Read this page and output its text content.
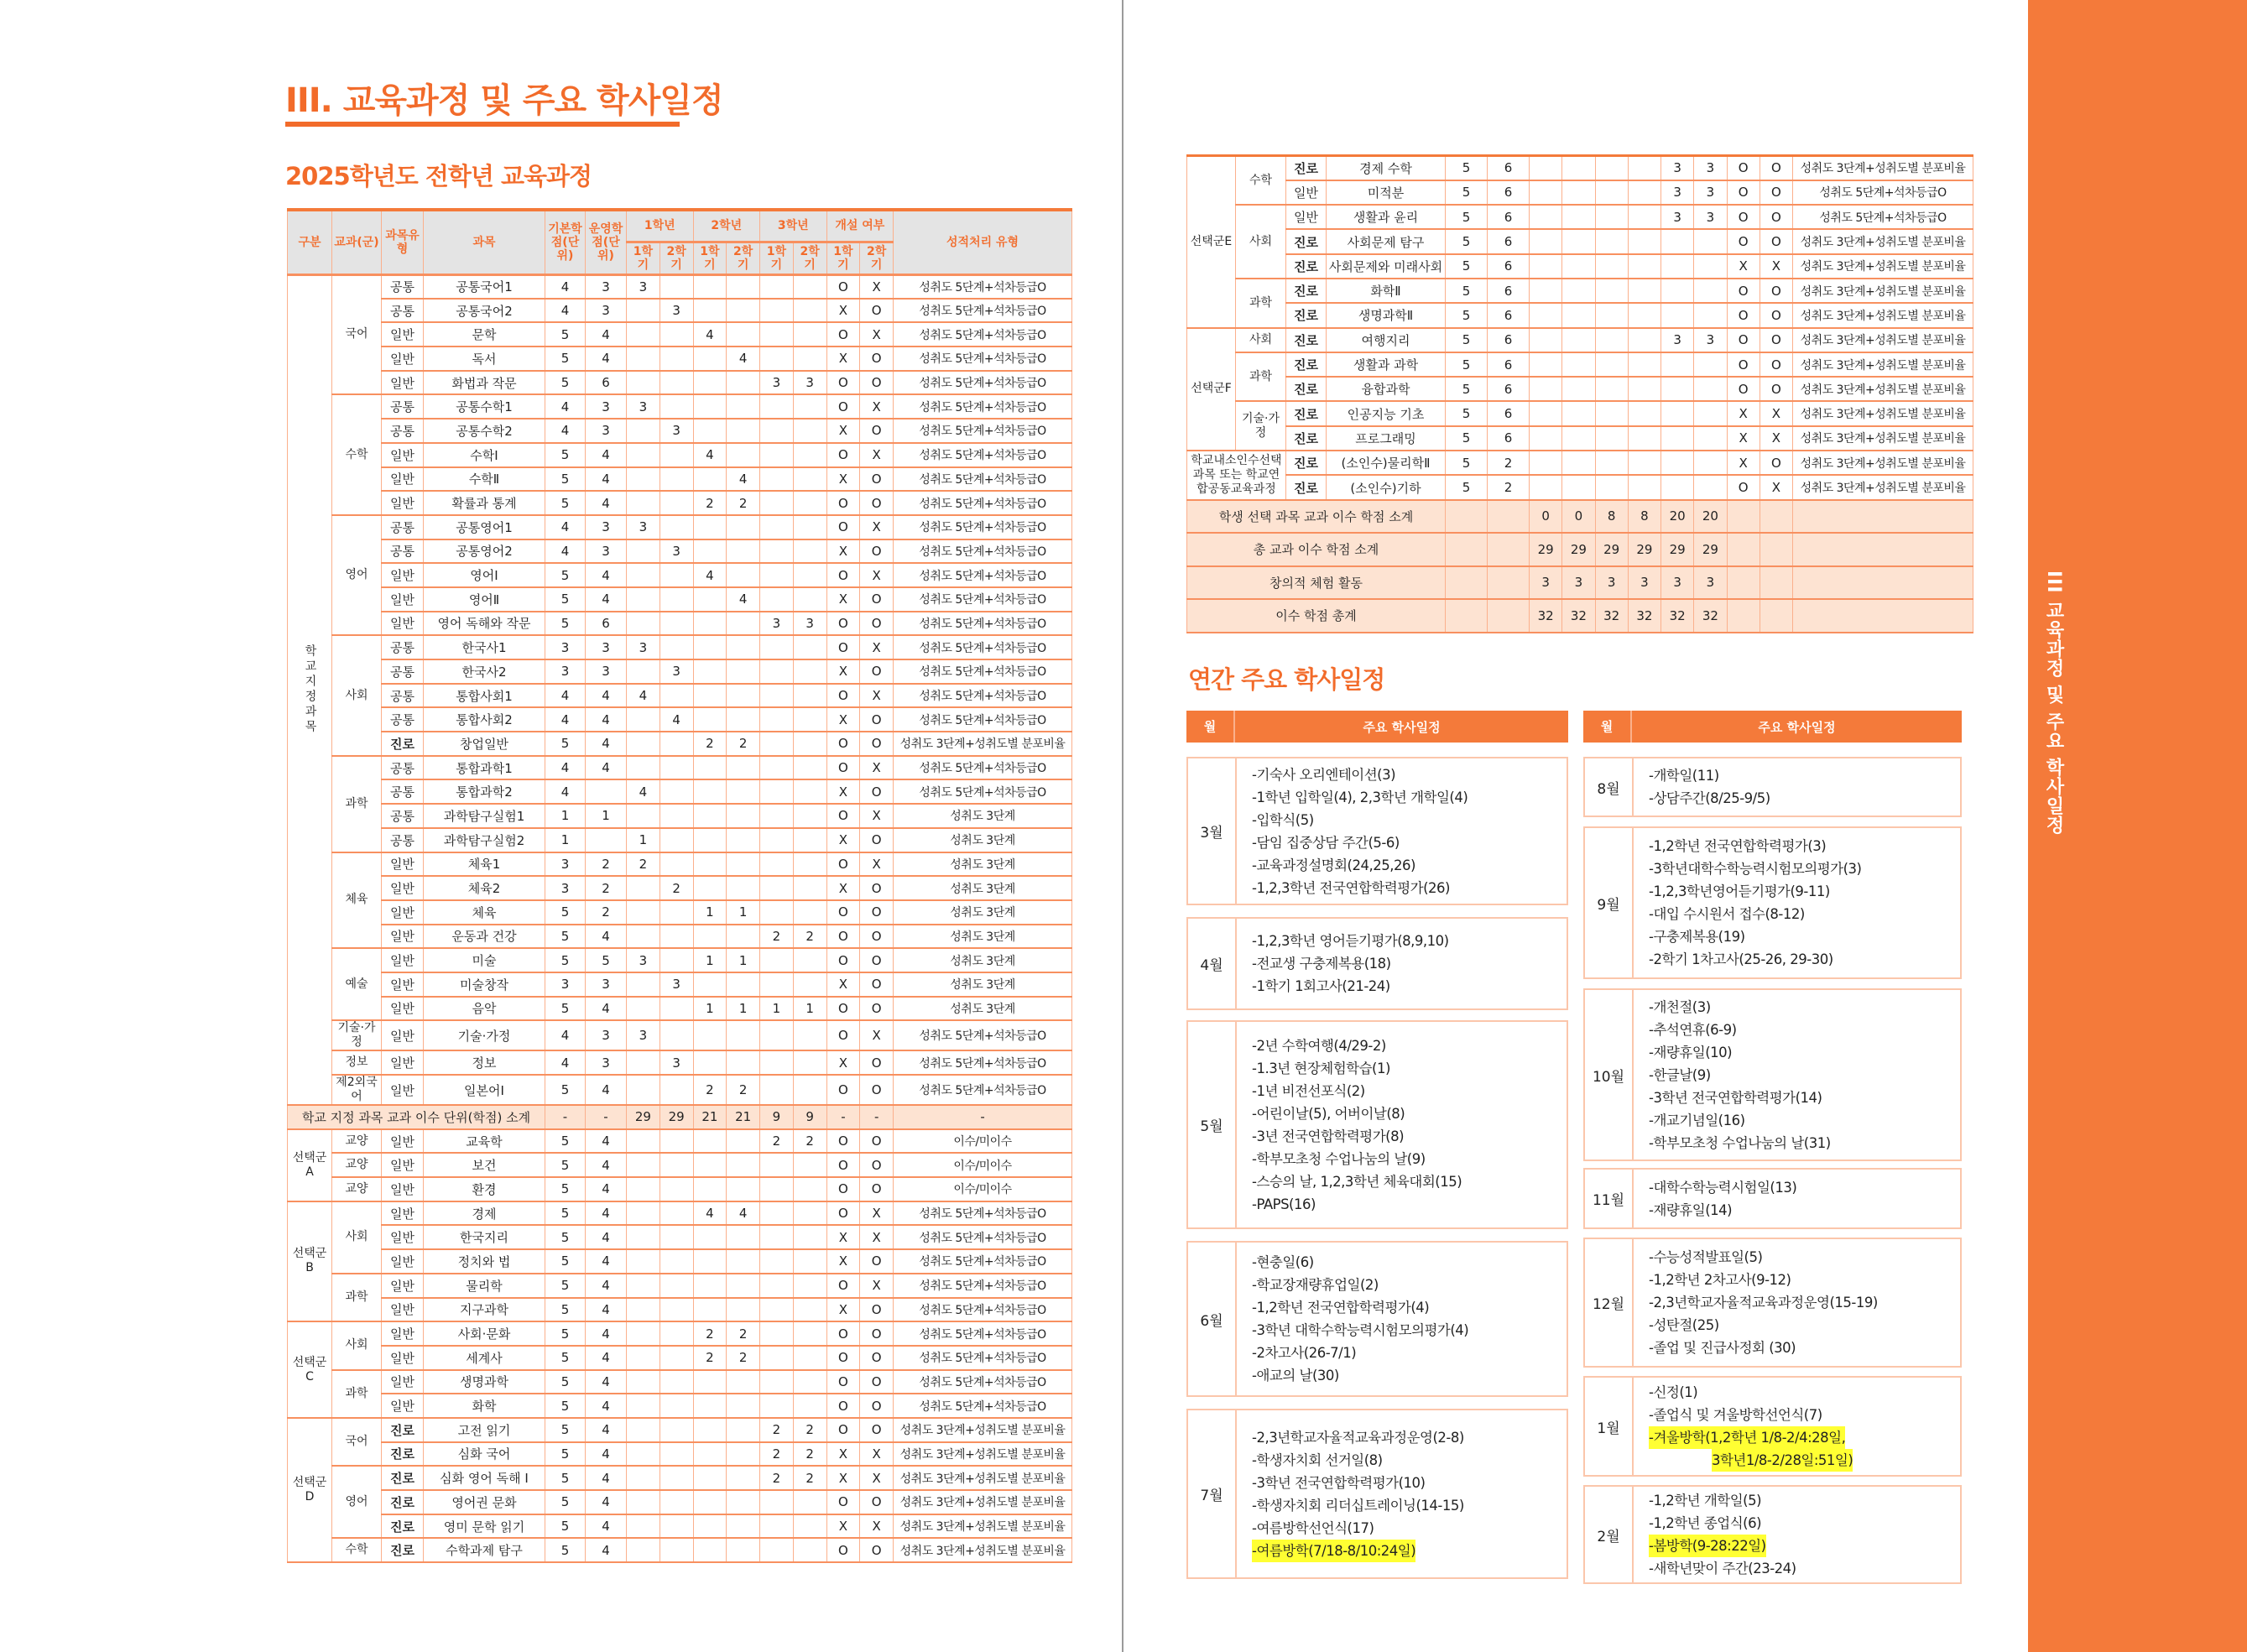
III. 교육과정 및 주요 학사일정
2025학년도 전학년 교육과정
III 교육과정 및 주요 학사일정
구분	교과(군)	과목유형	과목	기본학점(단위)	운영학점(단위)	1학년		2학년		3학년		개설 여부		성적처리 유형
						1학기	2학기	1학기	2학기	1학기	2학기	1학기	2학기	
학교지정과목	국어	공통	공통국어1	4	3	3						O	X	성취도 5단계+석차등급O
		공통	공통국어2	4	3		3					X	O	성취도 5단계+석차등급O
		일반	문학	5	4			4				O	X	성취도 5단계+석차등급O
		일반	독서	5	4				4			X	O	성취도 5단계+석차등급O
		일반	화법과 작문	5	6					3	3	O	O	성취도 5단계+석차등급O
	수학	공통	공통수학1	4	3	3						O	X	성취도 5단계+석차등급O
		공통	공통수학2	4	3		3					X	O	성취도 5단계+석차등급O
		일반	수학Ⅰ	5	4			4				O	X	성취도 5단계+석차등급O
		일반	수학Ⅱ	5	4				4			X	O	성취도 5단계+석차등급O
		일반	확률과 통계	5	4			2	2			O	O	성취도 5단계+석차등급O
	영어	공통	공통영어1	4	3	3						O	X	성취도 5단계+석차등급O
		공통	공통영어2	4	3		3					X	O	성취도 5단계+석차등급O
		일반	영어Ⅰ	5	4			4				O	X	성취도 5단계+석차등급O
		일반	영어Ⅱ	5	4				4			X	O	성취도 5단계+석차등급O
		일반	영어 독해와 작문	5	6					3	3	O	O	성취도 5단계+석차등급O
	사회	공통	한국사1	3	3	3						O	X	성취도 5단계+석차등급O
		공통	한국사2	3	3		3					X	O	성취도 5단계+석차등급O
		공통	통합사회1	4	4	4						O	X	성취도 5단계+석차등급O
		공통	통합사회2	4	4		4					X	O	성취도 5단계+석차등급O
		진로	창업일반	5	4			2	2			O	O	성취도 3단계+성취도별 분포비율
	과학	공통	통합과학1	4	4							O	X	성취도 5단계+석차등급O
		공통	통합과학2	4		4						X	O	성취도 5단계+석차등급O
		공통	과학탐구실험1	1	1							O	X	성취도 3단계
		공통	과학탐구실험2	1		1						X	O	성취도 3단계
	체육	일반	체육1	3	2	2						O	X	성취도 3단계
		일반	체육2	3	2		2					X	O	성취도 3단계
		일반	체육	5	2			1	1			O	O	성취도 3단계
		일반	운동과 건강	5	4					2	2	O	O	성취도 3단계
	예술	일반	미술	5	5	3		1	1			O	O	성취도 3단계
		일반	미술창작	3	3		3					X	O	성취도 3단계
		일반	음악	5	4			1	1	1	1	O	O	성취도 3단계
	기술·가정	일반	기술·가정	4	3	3						O	X	성취도 5단계+석차등급O
	정보	일반	정보	4	3		3					X	O	성취도 5단계+석차등급O
	제2외국어	일반	일본어Ⅰ	5	4			2	2			O	O	성취도 5단계+석차등급O
학교 지정 과목 교과 이수 단위(학점) 소계				-	-	29	29	21	21	9	9	-	-	-
선택군A	교양	일반	교육학	5	4					2	2	O	O	이수/미이수
	교양	일반	보건	5	4							O	O	이수/미이수
	교양	일반	환경	5	4							O	O	이수/미이수
선택군B	사회	일반	경제	5	4			4	4			O	X	성취도 5단계+석차등급O
		일반	한국지리	5	4							X	X	성취도 5단계+석차등급O
		일반	정치와 법	5	4							X	O	성취도 5단계+석차등급O
	과학	일반	물리학	5	4							O	X	성취도 5단계+석차등급O
		일반	지구과학	5	4							X	O	성취도 5단계+석차등급O
선택군C	사회	일반	사회·문화	5	4			2	2			O	O	성취도 5단계+석차등급O
		일반	세계사	5	4			2	2			O	O	성취도 5단계+석차등급O
	과학	일반	생명과학	5	4							O	O	성취도 5단계+석차등급O
		일반	화학	5	4							O	O	성취도 5단계+석차등급O
선택군D	국어	진로	고전 읽기	5	4					2	2	O	O	성취도 3단계+성취도별 분포비율
		진로	심화 국어	5	4					2	2	X	X	성취도 3단계+성취도별 분포비율
	영어	진로	심화 영어 독해 Ⅰ	5	4					2	2	X	X	성취도 3단계+성취도별 분포비율
		진로	영어권 문화	5	4							O	O	성취도 3단계+성취도별 분포비율
		진로	영미 문학 읽기	5	4							X	X	성취도 3단계+성취도별 분포비율
	수학	진로	수학과제 탐구	5	4							O	O	성취도 3단계+성취도별 분포비율
선택군E	수학	진로	경제 수학	5	6					3	3	O	O	성취도 3단계+성취도별 분포비율
		일반	미적분	5	6					3	3	O	O	성취도 5단계+석차등급O
	사회	일반	생활과 윤리	5	6					3	3	O	O	성취도 5단계+석차등급O
		진로	사회문제 탐구	5	6							O	O	성취도 3단계+성취도별 분포비율
		진로	사회문제와 미래사회	5	6							X	X	성취도 3단계+성취도별 분포비율
	과학	진로	화학Ⅱ	5	6							O	O	성취도 3단계+성취도별 분포비율
		진로	생명과학Ⅱ	5	6							O	O	성취도 3단계+성취도별 분포비율
선택군F	사회	진로	여행지리	5	6					3	3	O	O	성취도 3단계+성취도별 분포비율
	과학	진로	생활과 과학	5	6							O	O	성취도 3단계+성취도별 분포비율
		진로	융합과학	5	6							O	O	성취도 3단계+성취도별 분포비율
	기술·가정	진로	인공지능 기초	5	6							X	X	성취도 3단계+성취도별 분포비율
		진로	프로그래밍	5	6							X	X	성취도 3단계+성취도별 분포비율
학교내소인수선택과목 또는 학교연합공동교육과정		진로	(소인수)물리학Ⅱ	5	2							X	O	성취도 3단계+성취도별 분포비율
		진로	(소인수)기하	5	2							O	X	성취도 3단계+성취도별 분포비율
학생 선택 과목 교과 이수 학점 소계						0	0	8	8	20	20			
총 교과 이수 학점 소계						29	29	29	29	29	29			
창의적 체험 활동						3	3	3	3	3	3			
이수 학점 총계						32	32	32	32	32	32			
연간 주요 학사일정
월	주요 학사일정
3월
-기숙사 오리엔테이션(3)
-1학년 입학일(4), 2,3학년 개학일(4)
-입학식(5)
-담임 집중상담 주간(5-6)
-교육과정설명회(24,25,26)
-1,2,3학년 전국연합학력평가(26)
4월
-1,2,3학년 영어듣기평가(8,9,10)
-전교생 구충제복용(18)
-1학기 1회고사(21-24)
5월
-2년 수학여행(4/29-2)
-1.3년 현장체험학습(1)
-1년 비전선포식(2)
-어린이날(5), 어버이날(8)
-3년 전국연합학력평가(8)
-학부모초청 수업나눔의 날(9)
-스승의 날, 1,2,3학년 체육대회(15)
-PAPS(16)
6월
-현충일(6)
-학교장재량휴업일(2)
-1,2학년 전국연합학력평가(4)
-3학년 대학수학능력시험모의평가(4)
-2차고사(26-7/1)
-애교의 날(30)
7월
-2,3년학교자율적교육과정운영(2-8)
-학생자치회 선거일(8)
-3학년 전국연합학력평가(10)
-학생자치회 리더십트레이닝(14-15)
-여름방학선언식(17)
-여름방학(7/18-8/10:24일)
월	주요 학사일정
8월
-개학일(11)
-상담주간(8/25-9/5)
9월
-1,2학년 전국연합학력평가(3)
-3학년대학수학능력시험모의평가(3)
-1,2,3학년영어듣기평가(9-11)
-대입 수시원서 접수(8-12)
-구충제복용(19)
-2학기 1차고사(25-26, 29-30)
10월
-개천절(3)
-추석연휴(6-9)
-재량휴일(10)
-한글날(9)
-3학년 전국연합학력평가(14)
-개교기념일(16)
-학부모초청 수업나눔의 날(31)
11월
-대학수학능력시험일(13)
-재량휴일(14)
12월
-수능성적발표일(5)
-1,2학년 2차고사(9-12)
-2,3년학교자율적교육과정운영(15-19)
-성탄절(25)
-졸업 및 진급사정회 (30)
1월
-신정(1)
-졸업식 및 겨울방학선언식(7)
-겨울방학(1,2학년 1/8-2/4:28일,
3학년1/8-2/28일:51일)
2월
-1,2학년 개학일(5)
-1,2학년 종업식(6)
-봄방학(9-28:22일)
-새학년맞이 주간(23-24)
